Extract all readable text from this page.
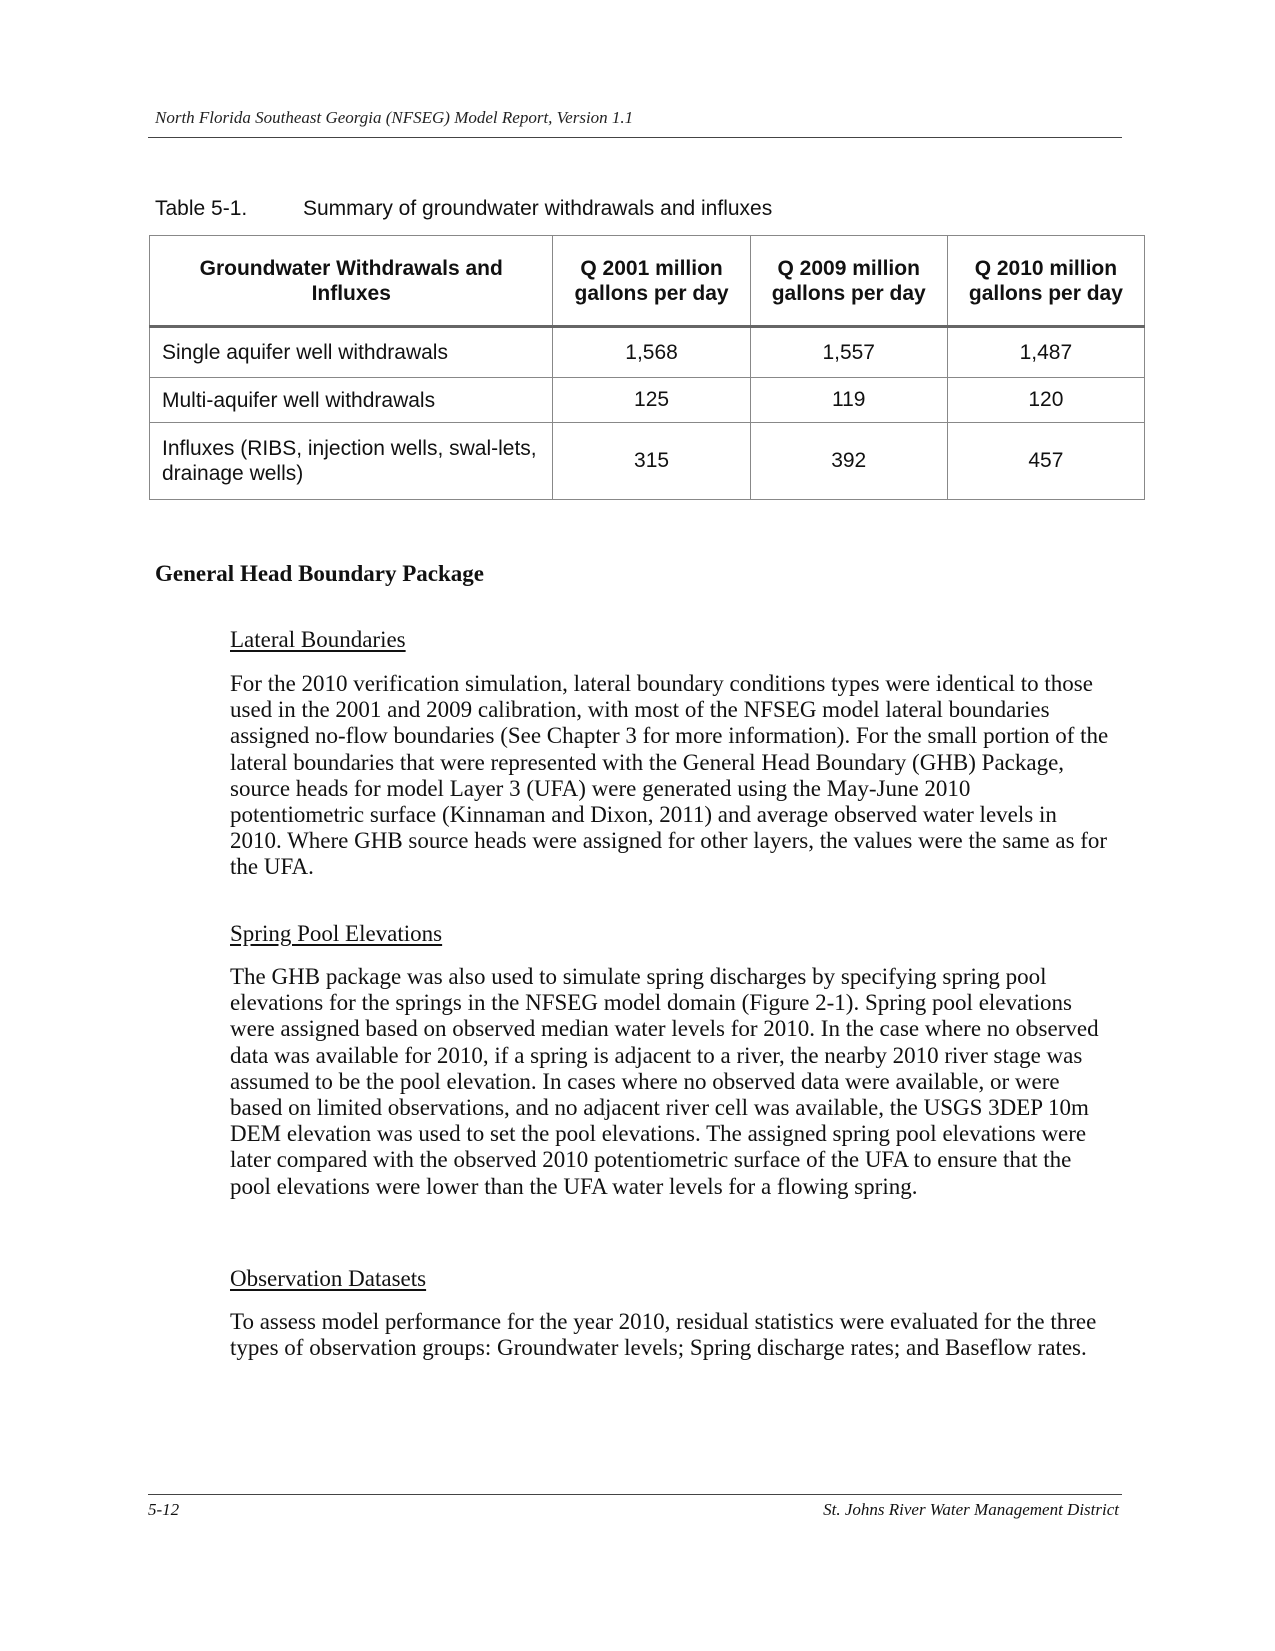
North Florida Southeast Georgia (NFSEG) Model Report, Version 1.1
Table 5-1.	Summary of groundwater withdrawals and influxes
Groundwater Withdrawals and Influxes	Q 2001 million gallons per day	Q 2009 million gallons per day	Q 2010 million gallons per day
Single aquifer well withdrawals	1,568	1,557	1,487
Multi-aquifer well withdrawals	125	119	120
Influxes (RIBS, injection wells, swal-lets, drainage wells)	315	392	457
General Head Boundary Package
Lateral Boundaries
For the 2010 verification simulation, lateral boundary conditions types were identical to those used in the 2001 and 2009 calibration, with most of the NFSEG model lateral boundaries assigned no-flow boundaries (See Chapter 3 for more information). For the small portion of the lateral boundaries that were represented with the General Head Boundary (GHB) Package, source heads for model Layer 3 (UFA) were generated using the May-June 2010 potentiometric surface (Kinnaman and Dixon, 2011) and average observed water levels in 2010. Where GHB source heads were assigned for other layers, the values were the same as for the UFA.
Spring Pool Elevations
The GHB package was also used to simulate spring discharges by specifying spring pool elevations for the springs in the NFSEG model domain (Figure 2-1). Spring pool elevations were assigned based on observed median water levels for 2010. In the case where no observed data was available for 2010, if a spring is adjacent to a river, the nearby 2010 river stage was assumed to be the pool elevation. In cases where no observed data were available, or were based on limited observations, and no adjacent river cell was available, the USGS 3DEP 10m DEM elevation was used to set the pool elevations. The assigned spring pool elevations were later compared with the observed 2010 potentiometric surface of the UFA to ensure that the pool elevations were lower than the UFA water levels for a flowing spring.
Observation Datasets
To assess model performance for the year 2010, residual statistics were evaluated for the three types of observation groups: Groundwater levels; Spring discharge rates; and Baseflow rates.
5-12	St. Johns River Water Management District
